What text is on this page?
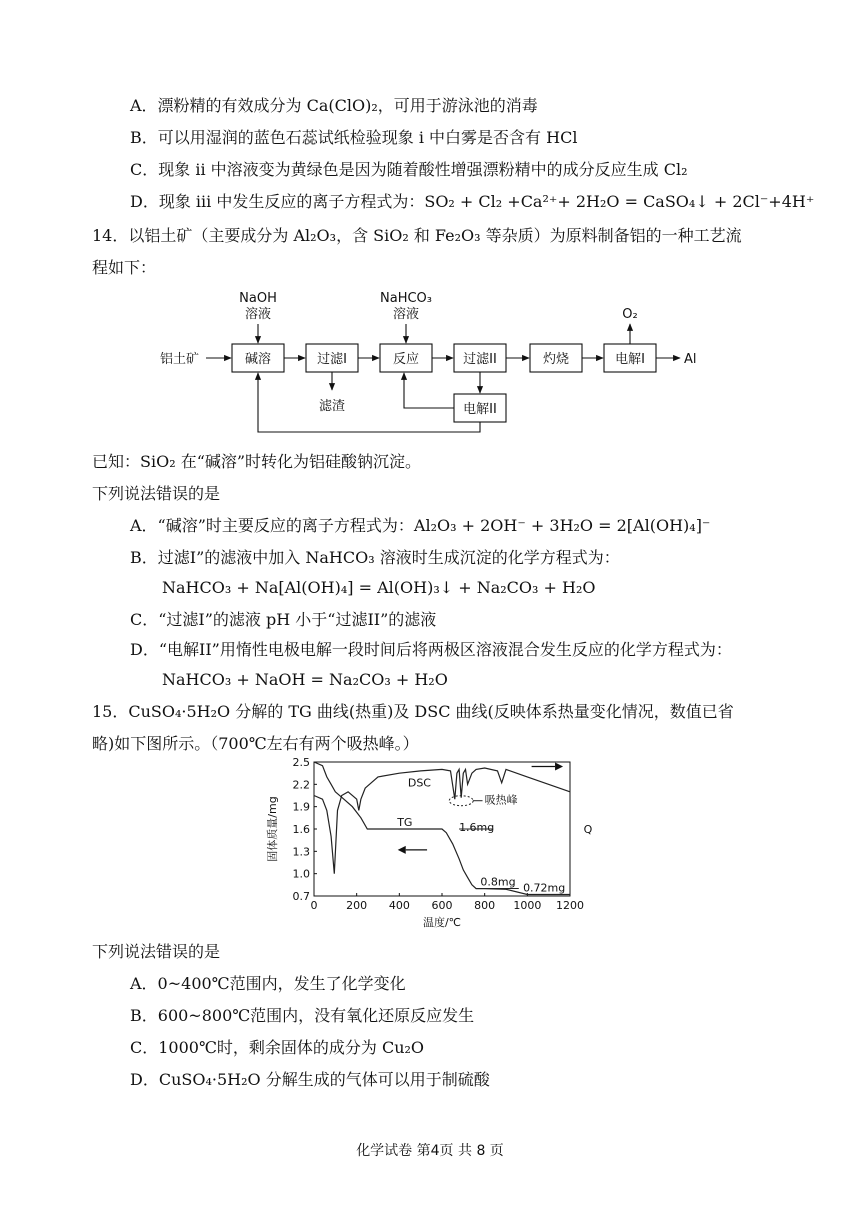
A．漂粉精的有效成分为 Ca(ClO)₂，可用于游泳池的消毒
B．可以用湿润的蓝色石蕊试纸检验现象 i 中白雾是否含有 HCl
C．现象 ii 中溶液变为黄绿色是因为随着酸性增强漂粉精中的成分反应生成 Cl₂
D．现象 iii 中发生反应的离子方程式为：SO₂ + Cl₂ +Ca²⁺+ 2H₂O = CaSO₄↓ + 2Cl⁻+4H⁺
14．以铝土矿（主要成分为 Al₂O₃，含 SiO₂ 和 Fe₂O₃ 等杂质）为原料制备铝的一种工艺流
程如下：
铝土矿
NaOH
溶液
NaHCO₃
溶液	O₂
碱溶	过滤I	反应	过滤II	灼烧	电解I	Al
滤渣	电解II
已知：SiO₂ 在“碱溶”时转化为铝硅酸钠沉淀。
下列说法错误的是
A．“碱溶”时主要反应的离子方程式为：Al₂O₃ + 2OH⁻ + 3H₂O = 2[Al(OH)₄]⁻
B．过滤I”的滤液中加入 NaHCO₃ 溶液时生成沉淀的化学方程式为：
NaHCO₃ + Na[Al(OH)₄] = Al(OH)₃↓ + Na₂CO₃ + H₂O
C．“过滤I”的滤液 pH 小于“过滤II”的滤液
D．“电解II”用惰性电极电解一段时间后将两极区溶液混合发生反应的化学方程式为：
NaHCO₃ + NaOH = Na₂CO₃ + H₂O
15．CuSO₄·5H₂O 分解的 TG 曲线(热重)及 DSC 曲线(反映体系热量变化情况，数值已省
略)如下图所示。（700℃左右有两个吸热峰。）
温度/℃
固体质量/mg	Q
0	200 400 600 800 1000 1200
0.7
1.0
1.3
1.6
1.9
2.2
2.5
DSC
TG	1.6mg
0.8mg 0.72mg
吸热峰
下列说法错误的是
A．0~400℃范围内，发生了化学变化
B．600~800℃范围内，没有氧化还原反应发生
C．1000℃时，剩余固体的成分为 Cu₂O
D．CuSO₄·5H₂O 分解生成的气体可以用于制硫酸
化学试卷 第4页 共 8 页
